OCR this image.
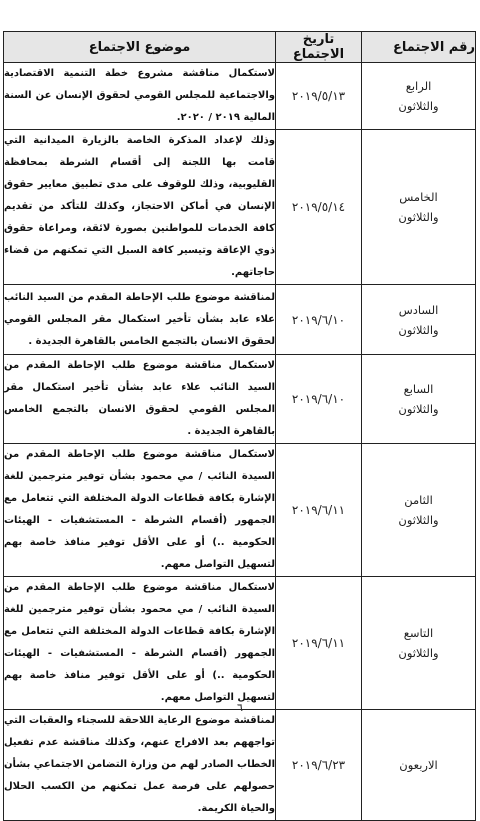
رقم الاجتماع	تاريخ الاجتماع	موضوع الاجتماع

الرابع
والثلاثون	٢٠١٩/٥/١٣	لاستكمال مناقشة مشروع خطة التنمية الاقتصادية والاجتماعية للمجلس القومي لحقوق الإنسان عن السنة المالية ٢٠١٩ / ٢٠٢٠.

الخامس
والثلاثون	٢٠١٩/٥/١٤	وذلك لإعداد المذكرة الخاصة بالزيارة الميدانية التي قامت بها اللجنة إلى أقسام الشرطة بمحافظة القليوبية، وذلك للوقوف على مدى تطبيق معايير حقوق الإنسان في أماكن الاحتجاز، وكذلك للتأكد من تقديم كافة الخدمات للمواطنين بصورة لائقة، ومراعاة حقوق ذوي الإعاقة وتيسير كافة السبل التي تمكنهم من قضاء حاجاتهم.

السادس
والثلاثون	٢٠١٩/٦/١٠	لمناقشة موضوع طلب الإحاطة المقدم من السيد النائب علاء عابد بشأن تأخير استكمال مقر المجلس القومي لحقوق الانسان بالتجمع الخامس بالقاهرة الجديدة .

السابع
والثلاثون	٢٠١٩/٦/١٠	لاستكمال مناقشة موضوع طلب الإحاطة المقدم من السيد النائب علاء عابد بشأن تأخير استكمال مقر المجلس القومي لحقوق الانسان بالتجمع الخامس بالقاهرة الجديدة .

الثامن
والثلاثون	٢٠١٩/٦/١١	لاستكمال مناقشة موضوع طلب الإحاطة المقدم من السيدة النائب / مي محمود بشأن توفير مترجمين للغة الإشارة بكافة قطاعات الدولة المختلفة التي تتعامل مع الجمهور (أقسام الشرطة - المستشفيات - الهيئات الحكومية ..) أو على الأقل توفير منافذ خاصة بهم لتسهيل التواصل معهم.

التاسع
والثلاثون	٢٠١٩/٦/١١	لاستكمال مناقشة موضوع طلب الإحاطة المقدم من السيدة النائب / مي محمود بشأن توفير مترجمين للغة الإشارة بكافة قطاعات الدولة المختلفة التي تتعامل مع الجمهور (أقسام الشرطة - المستشفيات - الهيئات الحكومية ..) أو على الأقل توفير منافذ خاصة بهم لتسهيل التواصل معهم.

الاربعون	٢٠١٩/٦/٢٣	لمناقشة موضوع الرعاية اللاحقة للسجناء والعقبات التي تواجههم بعد الافراج عنهم، وكذلك مناقشة عدم تفعيل الخطاب الصادر لهم من وزارة التضامن الاجتماعي بشأن حصولهم على فرصة عمل تمكنهم من الكسب الحلال والحياة الكريمة.
٦
